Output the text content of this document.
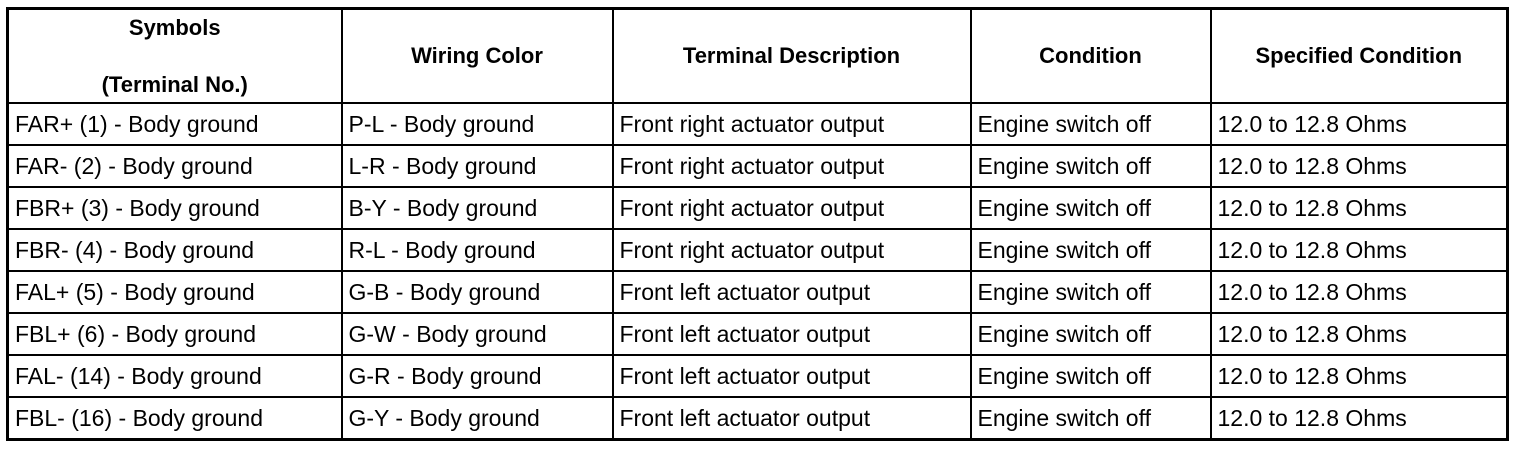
Symbols
(Terminal No.)	Wiring Color	Terminal Description	Condition	Specified Condition
FAR+ (1) - Body ground	P-L - Body ground	Front right actuator output	Engine switch off	12.0 to 12.8 Ohms
FAR- (2) - Body ground	L-R - Body ground	Front right actuator output	Engine switch off	12.0 to 12.8 Ohms
FBR+ (3) - Body ground	B-Y - Body ground	Front right actuator output	Engine switch off	12.0 to 12.8 Ohms
FBR- (4) - Body ground	R-L - Body ground	Front right actuator output	Engine switch off	12.0 to 12.8 Ohms
FAL+ (5) - Body ground	G-B - Body ground	Front left actuator output	Engine switch off	12.0 to 12.8 Ohms
FBL+ (6) - Body ground	G-W - Body ground	Front left actuator output	Engine switch off	12.0 to 12.8 Ohms
FAL- (14) - Body ground	G-R - Body ground	Front left actuator output	Engine switch off	12.0 to 12.8 Ohms
FBL- (16) - Body ground	G-Y - Body ground	Front left actuator output	Engine switch off	12.0 to 12.8 Ohms
